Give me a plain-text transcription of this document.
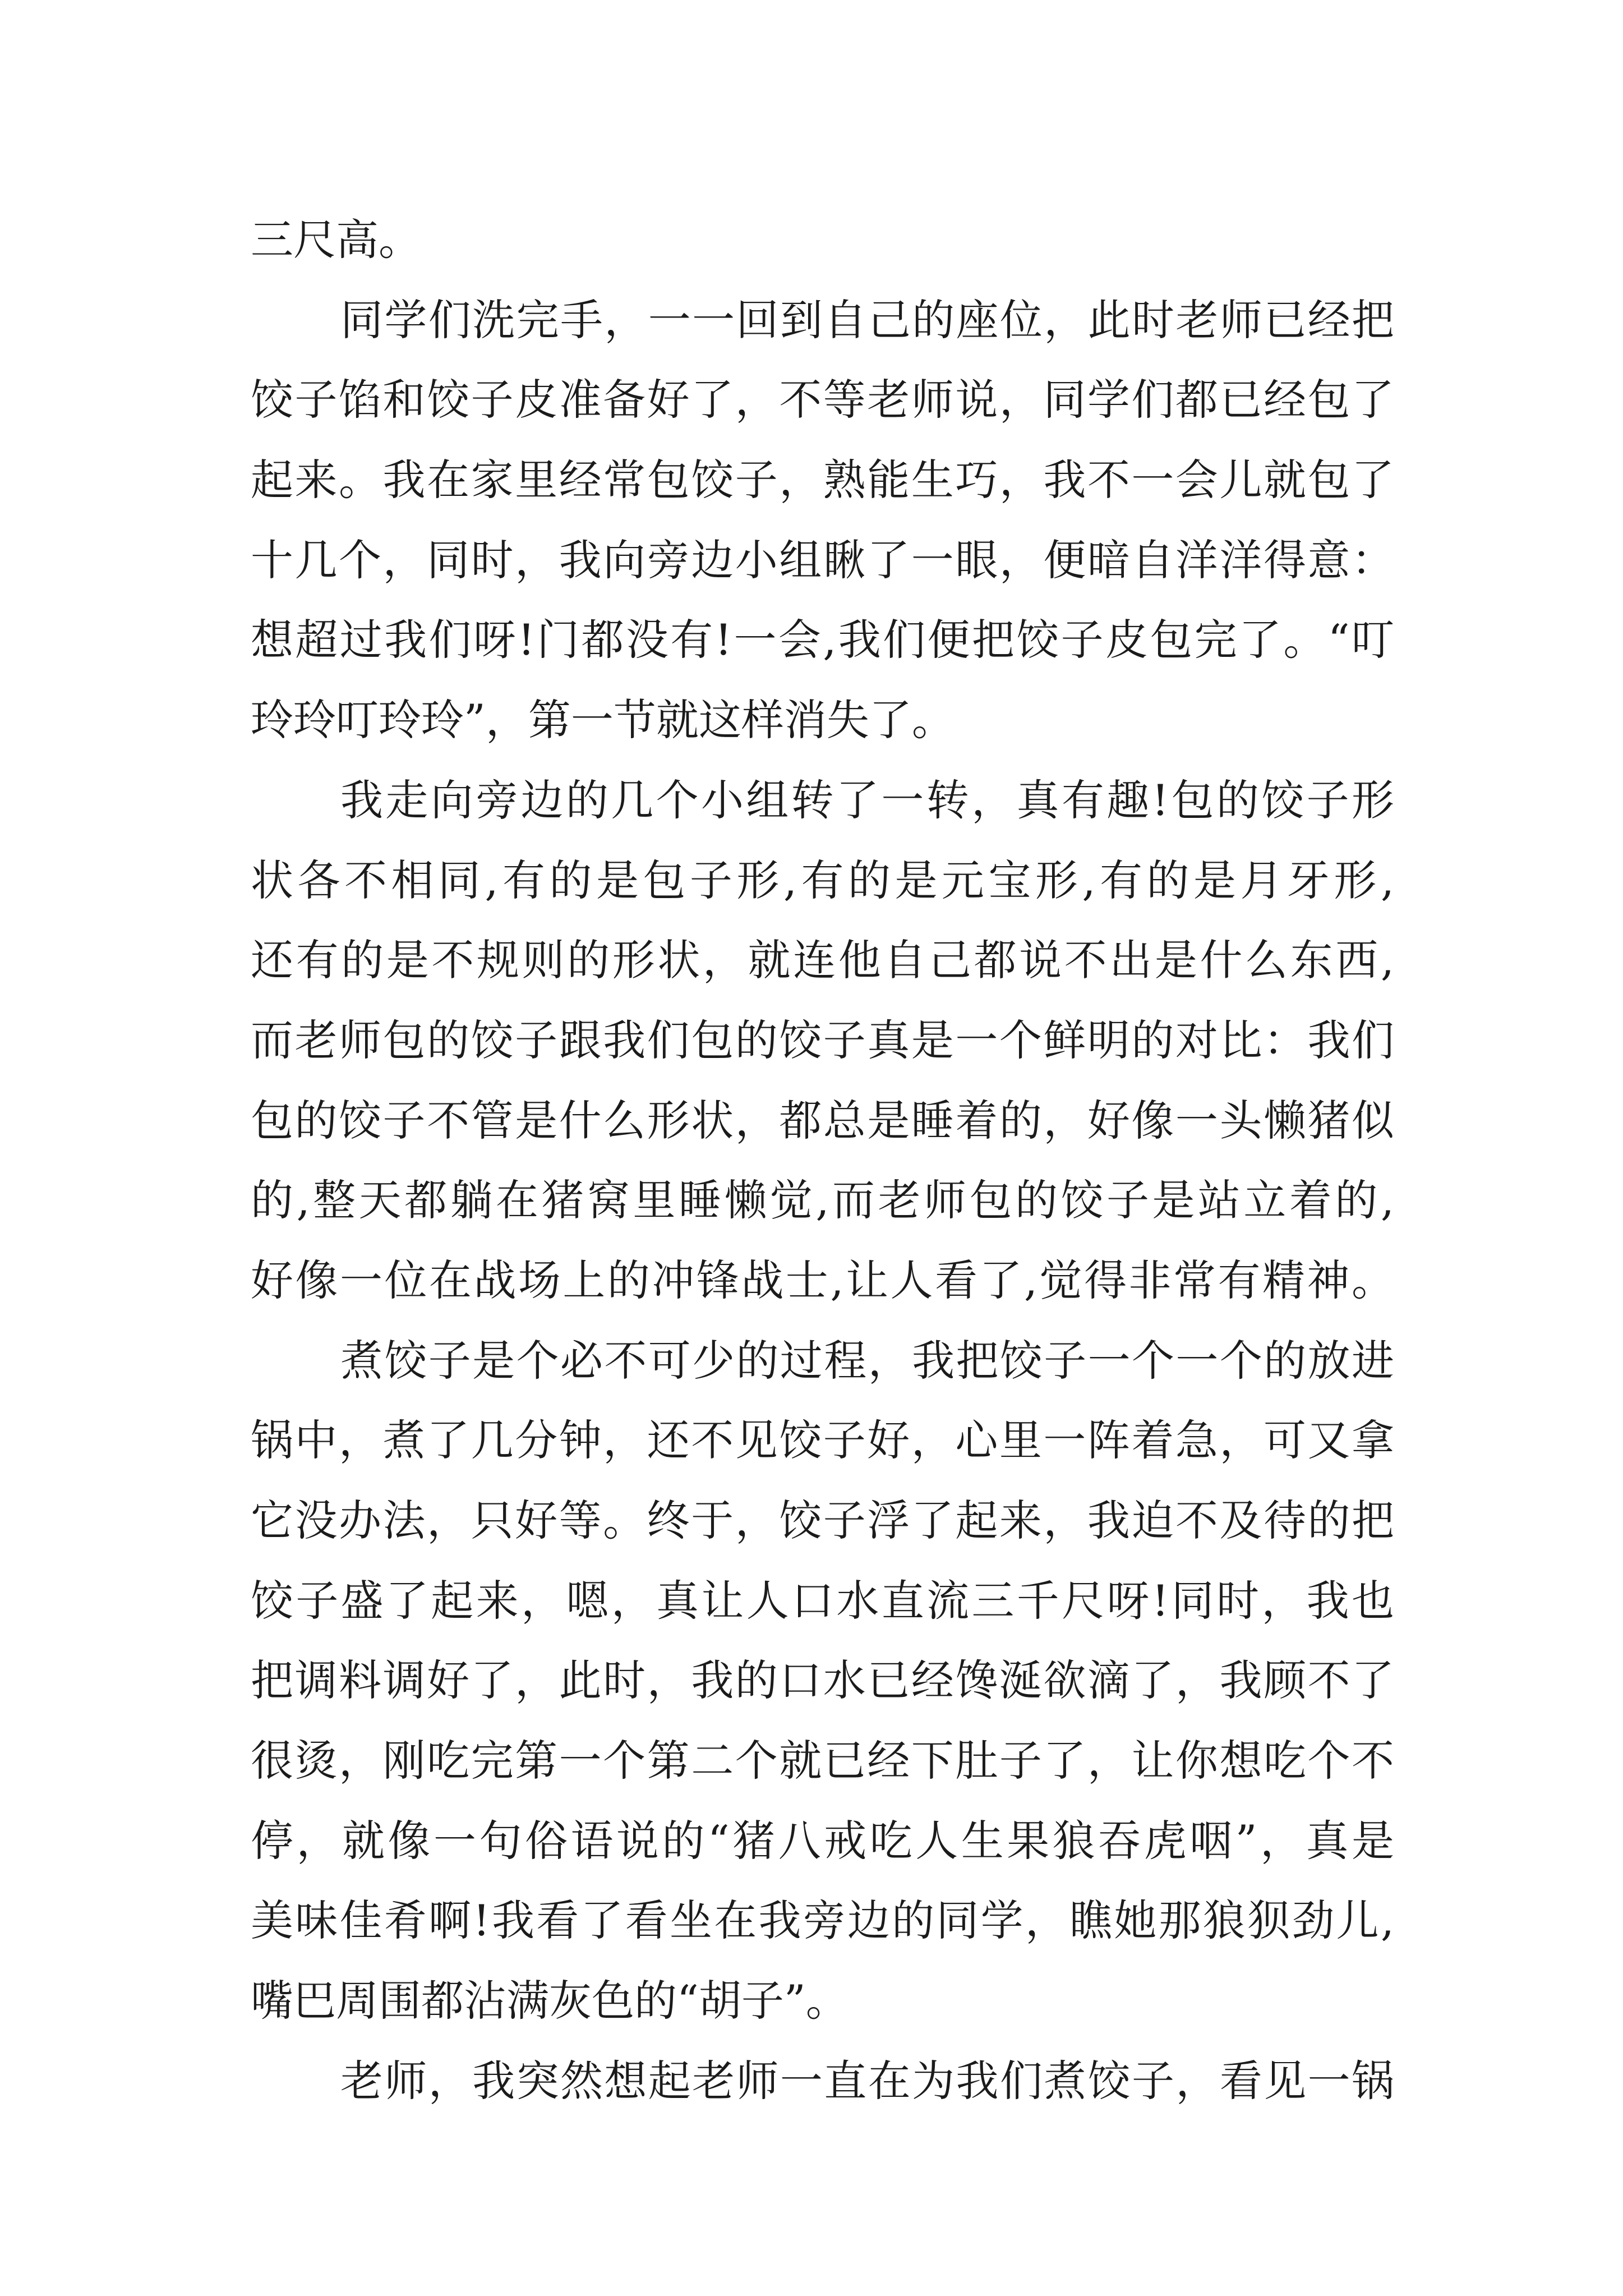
三尺高。
同学们洗完手，一一回到自己的座位，此时老师已经把
饺子馅和饺子皮准备好了，不等老师说，同学们都已经包了
起来。我在家里经常包饺子，熟能生巧，我不一会儿就包了
十几个，同时，我向旁边小组瞅了一眼，便暗自洋洋得意：
想超过我们呀!门都没有!一会,我们便把饺子皮包完了。“叮
玲玲叮玲玲”，第一节就这样消失了。
我走向旁边的几个小组转了一转，真有趣!包的饺子形
状各不相同,有的是包子形,有的是元宝形,有的是月牙形,
还有的是不规则的形状，就连他自己都说不出是什么东西,
而老师包的饺子跟我们包的饺子真是一个鲜明的对比：我们
包的饺子不管是什么形状，都总是睡着的，好像一头懒猪似
的,整天都躺在猪窝里睡懒觉,而老师包的饺子是站立着的,
好像一位在战场上的冲锋战士,让人看了,觉得非常有精神。
煮饺子是个必不可少的过程，我把饺子一个一个的放进
锅中，煮了几分钟，还不见饺子好，心里一阵着急，可又拿
它没办法，只好等。终于，饺子浮了起来，我迫不及待的把
饺子盛了起来，嗯，真让人口水直流三千尺呀!同时，我也
把调料调好了，此时，我的口水已经馋涎欲滴了，我顾不了
很烫，刚吃完第一个第二个就已经下肚子了，让你想吃个不
停，就像一句俗语说的“猪八戒吃人生果狼吞虎咽”，真是
美味佳肴啊!我看了看坐在我旁边的同学，瞧她那狼狈劲儿,
嘴巴周围都沾满灰色的“胡子”。
老师，我突然想起老师一直在为我们煮饺子，看见一锅
